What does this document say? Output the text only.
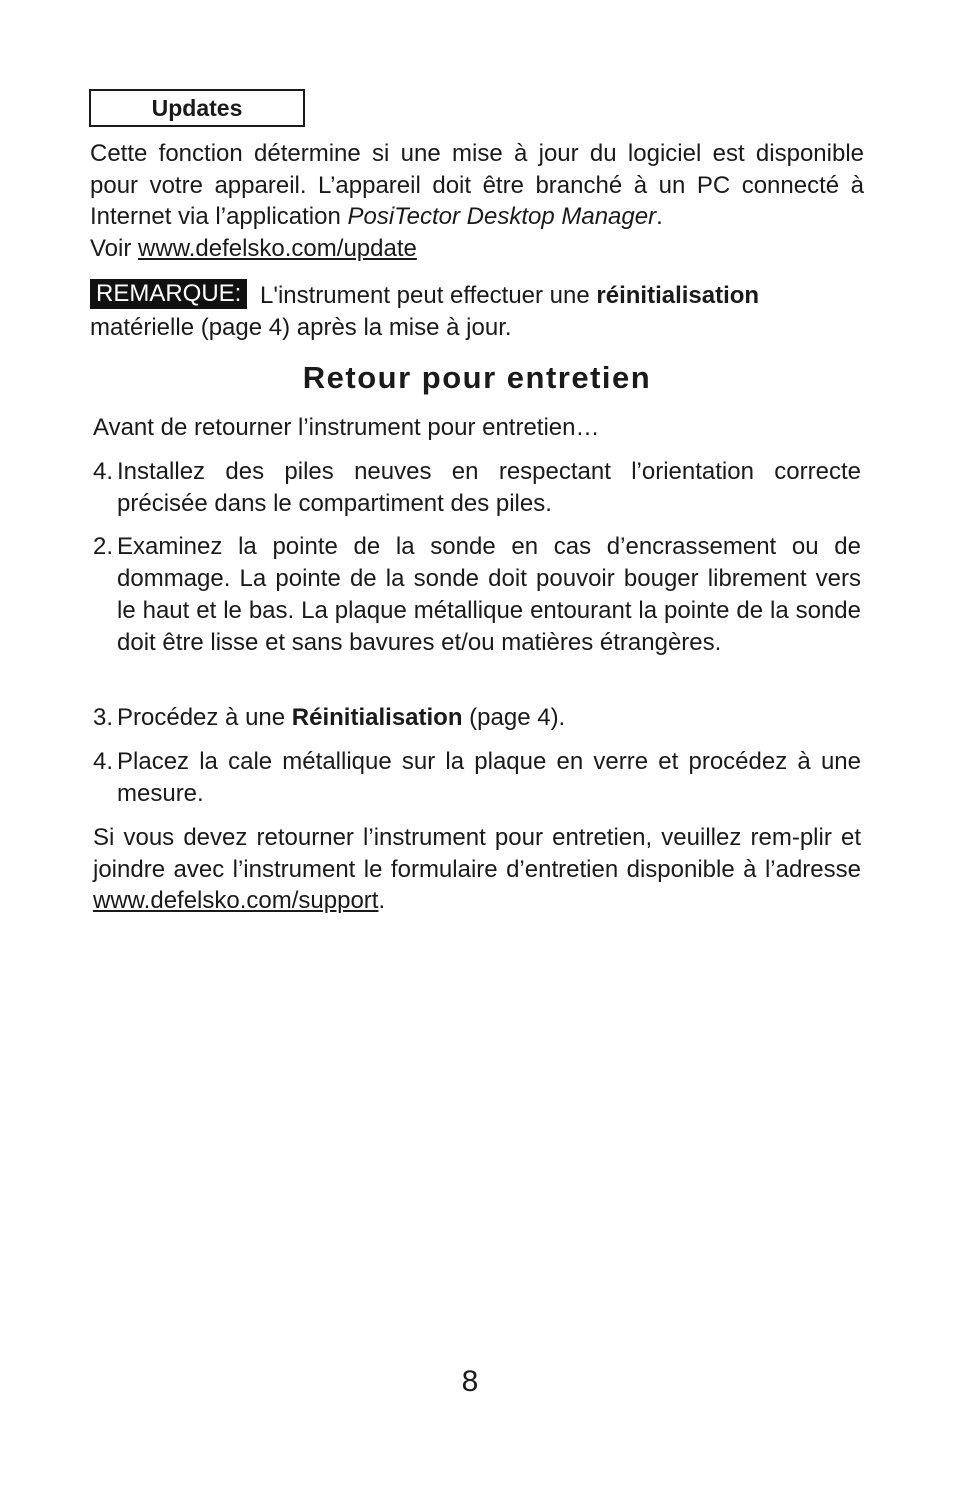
Updates

Cette fonction détermine si une mise à jour du logiciel est disponible pour votre appareil. L’appareil doit être branché à un PC connecté à Internet via l’application PosiTector Desktop Manager.
Voir www.defelsko.com/update

REMARQUE: L'instrument peut effectuer une réinitialisation
matérielle (page 4) après la mise à jour.
Retour pour entretien

Avant de retourner l’instrument pour entretien…

4. Installez des piles neuves en respectant l’orientation correcte précisée dans le compartiment des piles.
2. Examinez la pointe de la sonde en cas d’encrassement ou de dommage. La pointe de la sonde doit pouvoir bouger librement vers le haut et le bas. La plaque métallique entourant la pointe de la sonde doit être lisse et sans bavures et/ou matières étrangères.
3. Procédez à une Réinitialisation (page 4).
4. Placez la cale métallique sur la plaque en verre et procédez à une mesure.

Si vous devez retourner l’instrument pour entretien, veuillez rem-plir et joindre avec l’instrument le formulaire d’entretien disponible à l’adresse www.defelsko.com/support.

8
